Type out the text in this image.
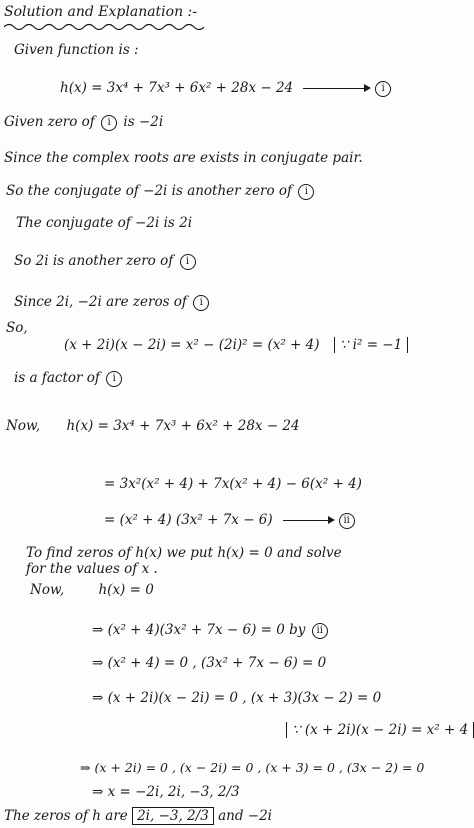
Solution and Explanation :-
Given function is :
h(x) = 3x⁴ + 7x³ + 6x² + 28x − 24	i
Given zero of i is −2i
Since the complex roots are exists in conjugate pair.
So the conjugate of −2i is another zero of i
The conjugate of −2i is 2i
So 2i is another zero of i
Since 2i, −2i are zeros of i
So,
(x + 2i)(x − 2i) = x² − (2i)² = (x² + 4) ∵ i² = −1
is a factor of i
Now, h(x) = 3x⁴ + 7x³ + 6x² + 28x − 24
= 3x²(x² + 4) + 7x(x² + 4) − 6(x² + 4)
= (x² + 4) (3x² + 7x − 6)	ii
To find zeros of h(x) we put h(x) = 0 and solve
for the values of x .
Now,	h(x) = 0
⇒ (x² + 4)(3x² + 7x − 6) = 0 by ii
⇒ (x² + 4) = 0 , (3x² + 7x − 6) = 0
⇒ (x + 2i)(x − 2i) = 0 , (x + 3)(3x − 2) = 0
∵ (x + 2i)(x − 2i) = x² + 4
⇒ (x + 2i) = 0 , (x − 2i) = 0 , (x + 3) = 0 , (3x − 2) = 0
⇒ x = −2i, 2i, −3, 2/3
The zeros of h are 2i, −3, 2/3 and −2i
